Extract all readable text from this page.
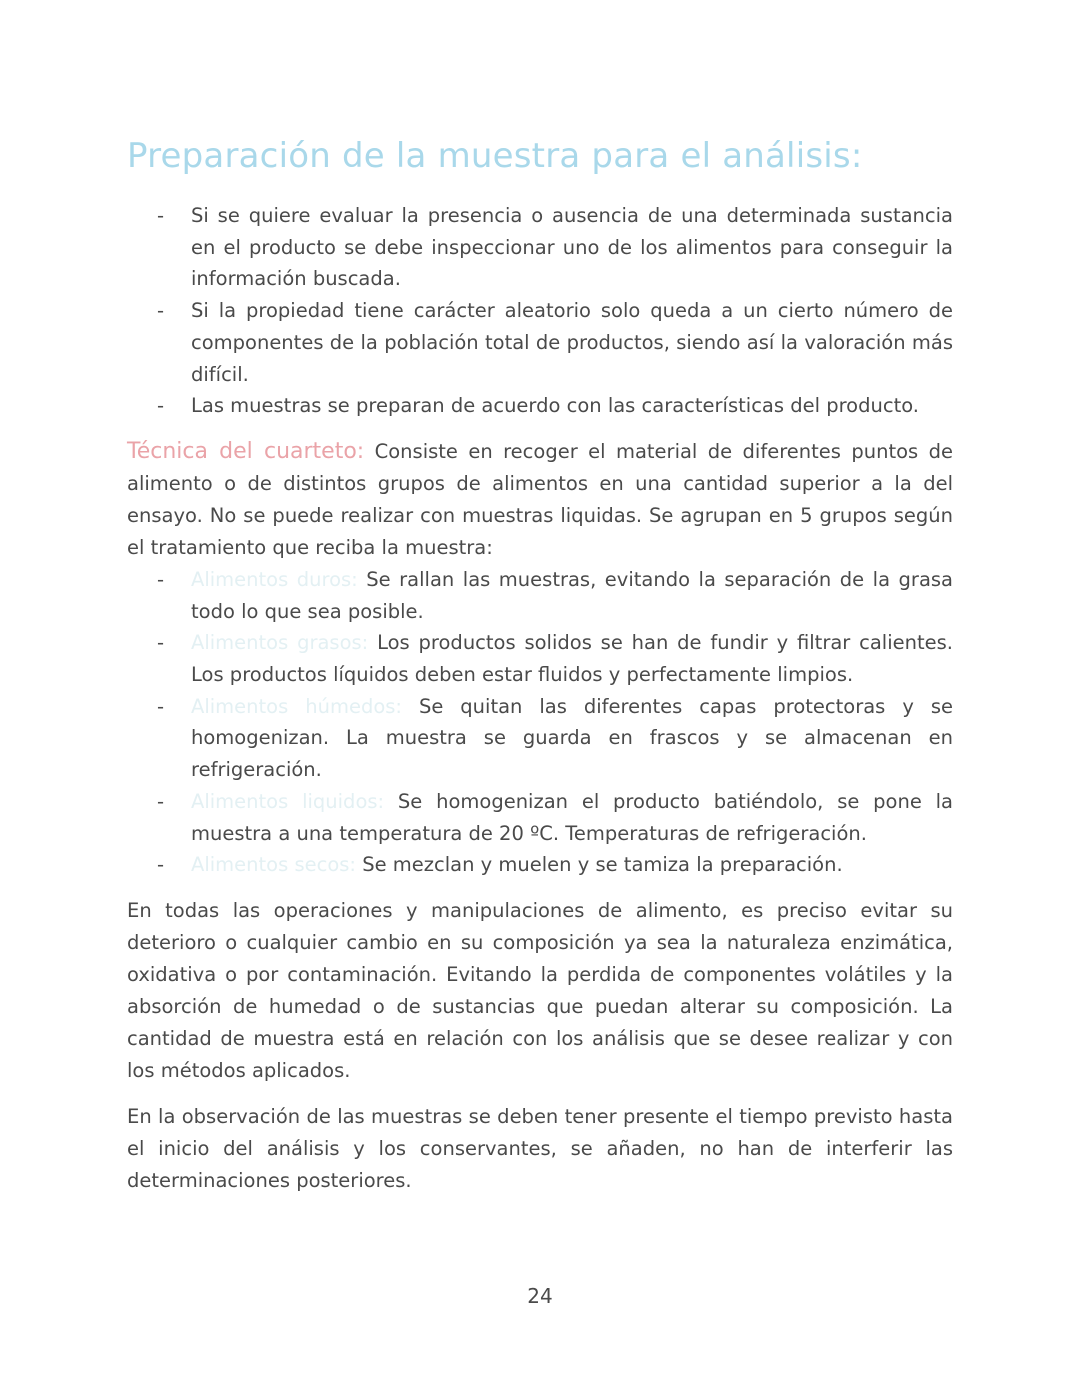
Preparación de la muestra para el análisis:
- Si se quiere evaluar la presencia o ausencia de una determinada sustancia en el producto se debe inspeccionar uno de los alimentos para conseguir la información buscada.
- Si la propiedad tiene carácter aleatorio solo queda a un cierto número de componentes de la población total de productos, siendo así la valoración más difícil.
- Las muestras se preparan de acuerdo con las características del producto.

Técnica del cuarteto: Consiste en recoger el material de diferentes puntos de alimento o de distintos grupos de alimentos en una cantidad superior a la del ensayo. No se puede realizar con muestras liquidas. Se agrupan en 5 grupos según el tratamiento que reciba la muestra:

- Alimentos duros: Se rallan las muestras, evitando la separación de la grasa todo lo que sea posible.
- Alimentos grasos: Los productos solidos se han de fundir y filtrar calientes. Los productos líquidos deben estar fluidos y perfectamente limpios.
- Alimentos húmedos: Se quitan las diferentes capas protectoras y se homogenizan. La muestra se guarda en frascos y se almacenan en refrigeración.
- Alimentos liquidos: Se homogenizan el producto batiéndolo, se pone la muestra a una temperatura de 20 ºC. Temperaturas de refrigeración.
- Alimentos secos: Se mezclan y muelen y se tamiza la preparación.

En todas las operaciones y manipulaciones de alimento, es preciso evitar su deterioro o cualquier cambio en su composición ya sea la naturaleza enzimática, oxidativa o por contaminación. Evitando la perdida de componentes volátiles y la absorción de humedad o de sustancias que puedan alterar su composición. La cantidad de muestra está en relación con los análisis que se desee realizar y con los métodos aplicados.

En la observación de las muestras se deben tener presente el tiempo previsto hasta el inicio del análisis y los conservantes, se añaden, no han de interferir las determinaciones posteriores.

24
